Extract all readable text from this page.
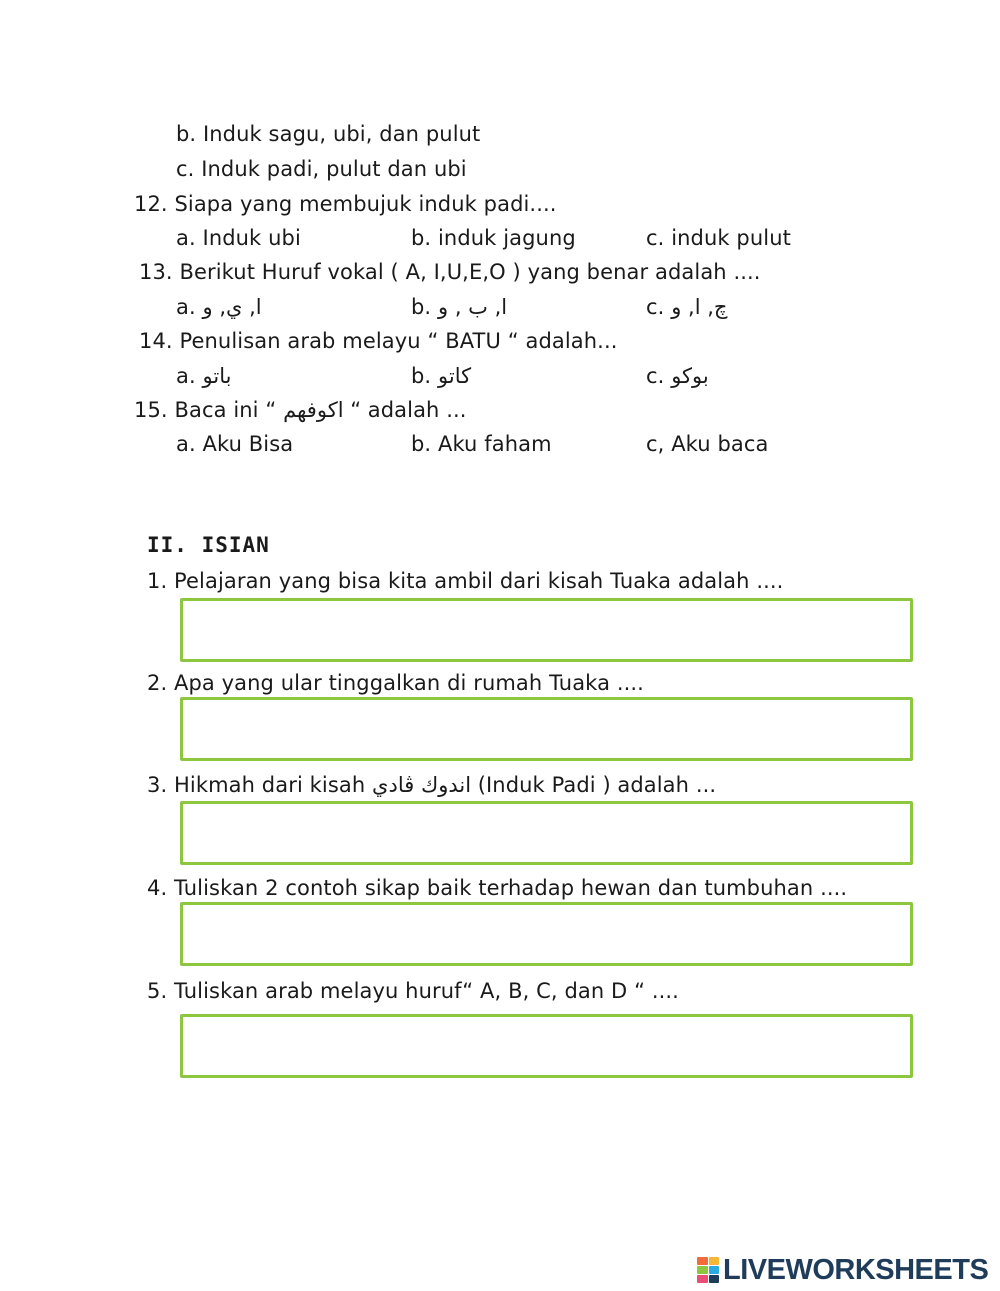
b. Induk sagu, ubi, dan pulut
c. Induk padi, pulut dan ubi
12. Siapa yang membujuk induk padi....
a. Induk ubi	b. induk jagung	c. induk pulut
13. Berikut Huruf vokal ( A, I,U,E,O ) yang benar adalah ....
a. ا, ي, و	b. ا, ب , و	c. چ, ا, و
14. Penulisan arab melayu “ BATU “ adalah...
a. باتو	b. كاتو	c. بوكو
15. Baca ini “ اكوفهم “ adalah ...
a. Aku Bisa	b. Aku faham	c, Aku baca
II. ISIAN
1. Pelajaran yang bisa kita ambil dari kisah Tuaka adalah ....
2. Apa yang ular tinggalkan di rumah Tuaka ....
3. Hikmah dari kisah اندوك ڤادي (Induk Padi ) adalah ...
4. Tuliskan 2 contoh sikap baik terhadap hewan dan tumbuhan ....
5. Tuliskan arab melayu huruf“ A, B, C, dan D “ ....
LIVEWORKSHEETS
